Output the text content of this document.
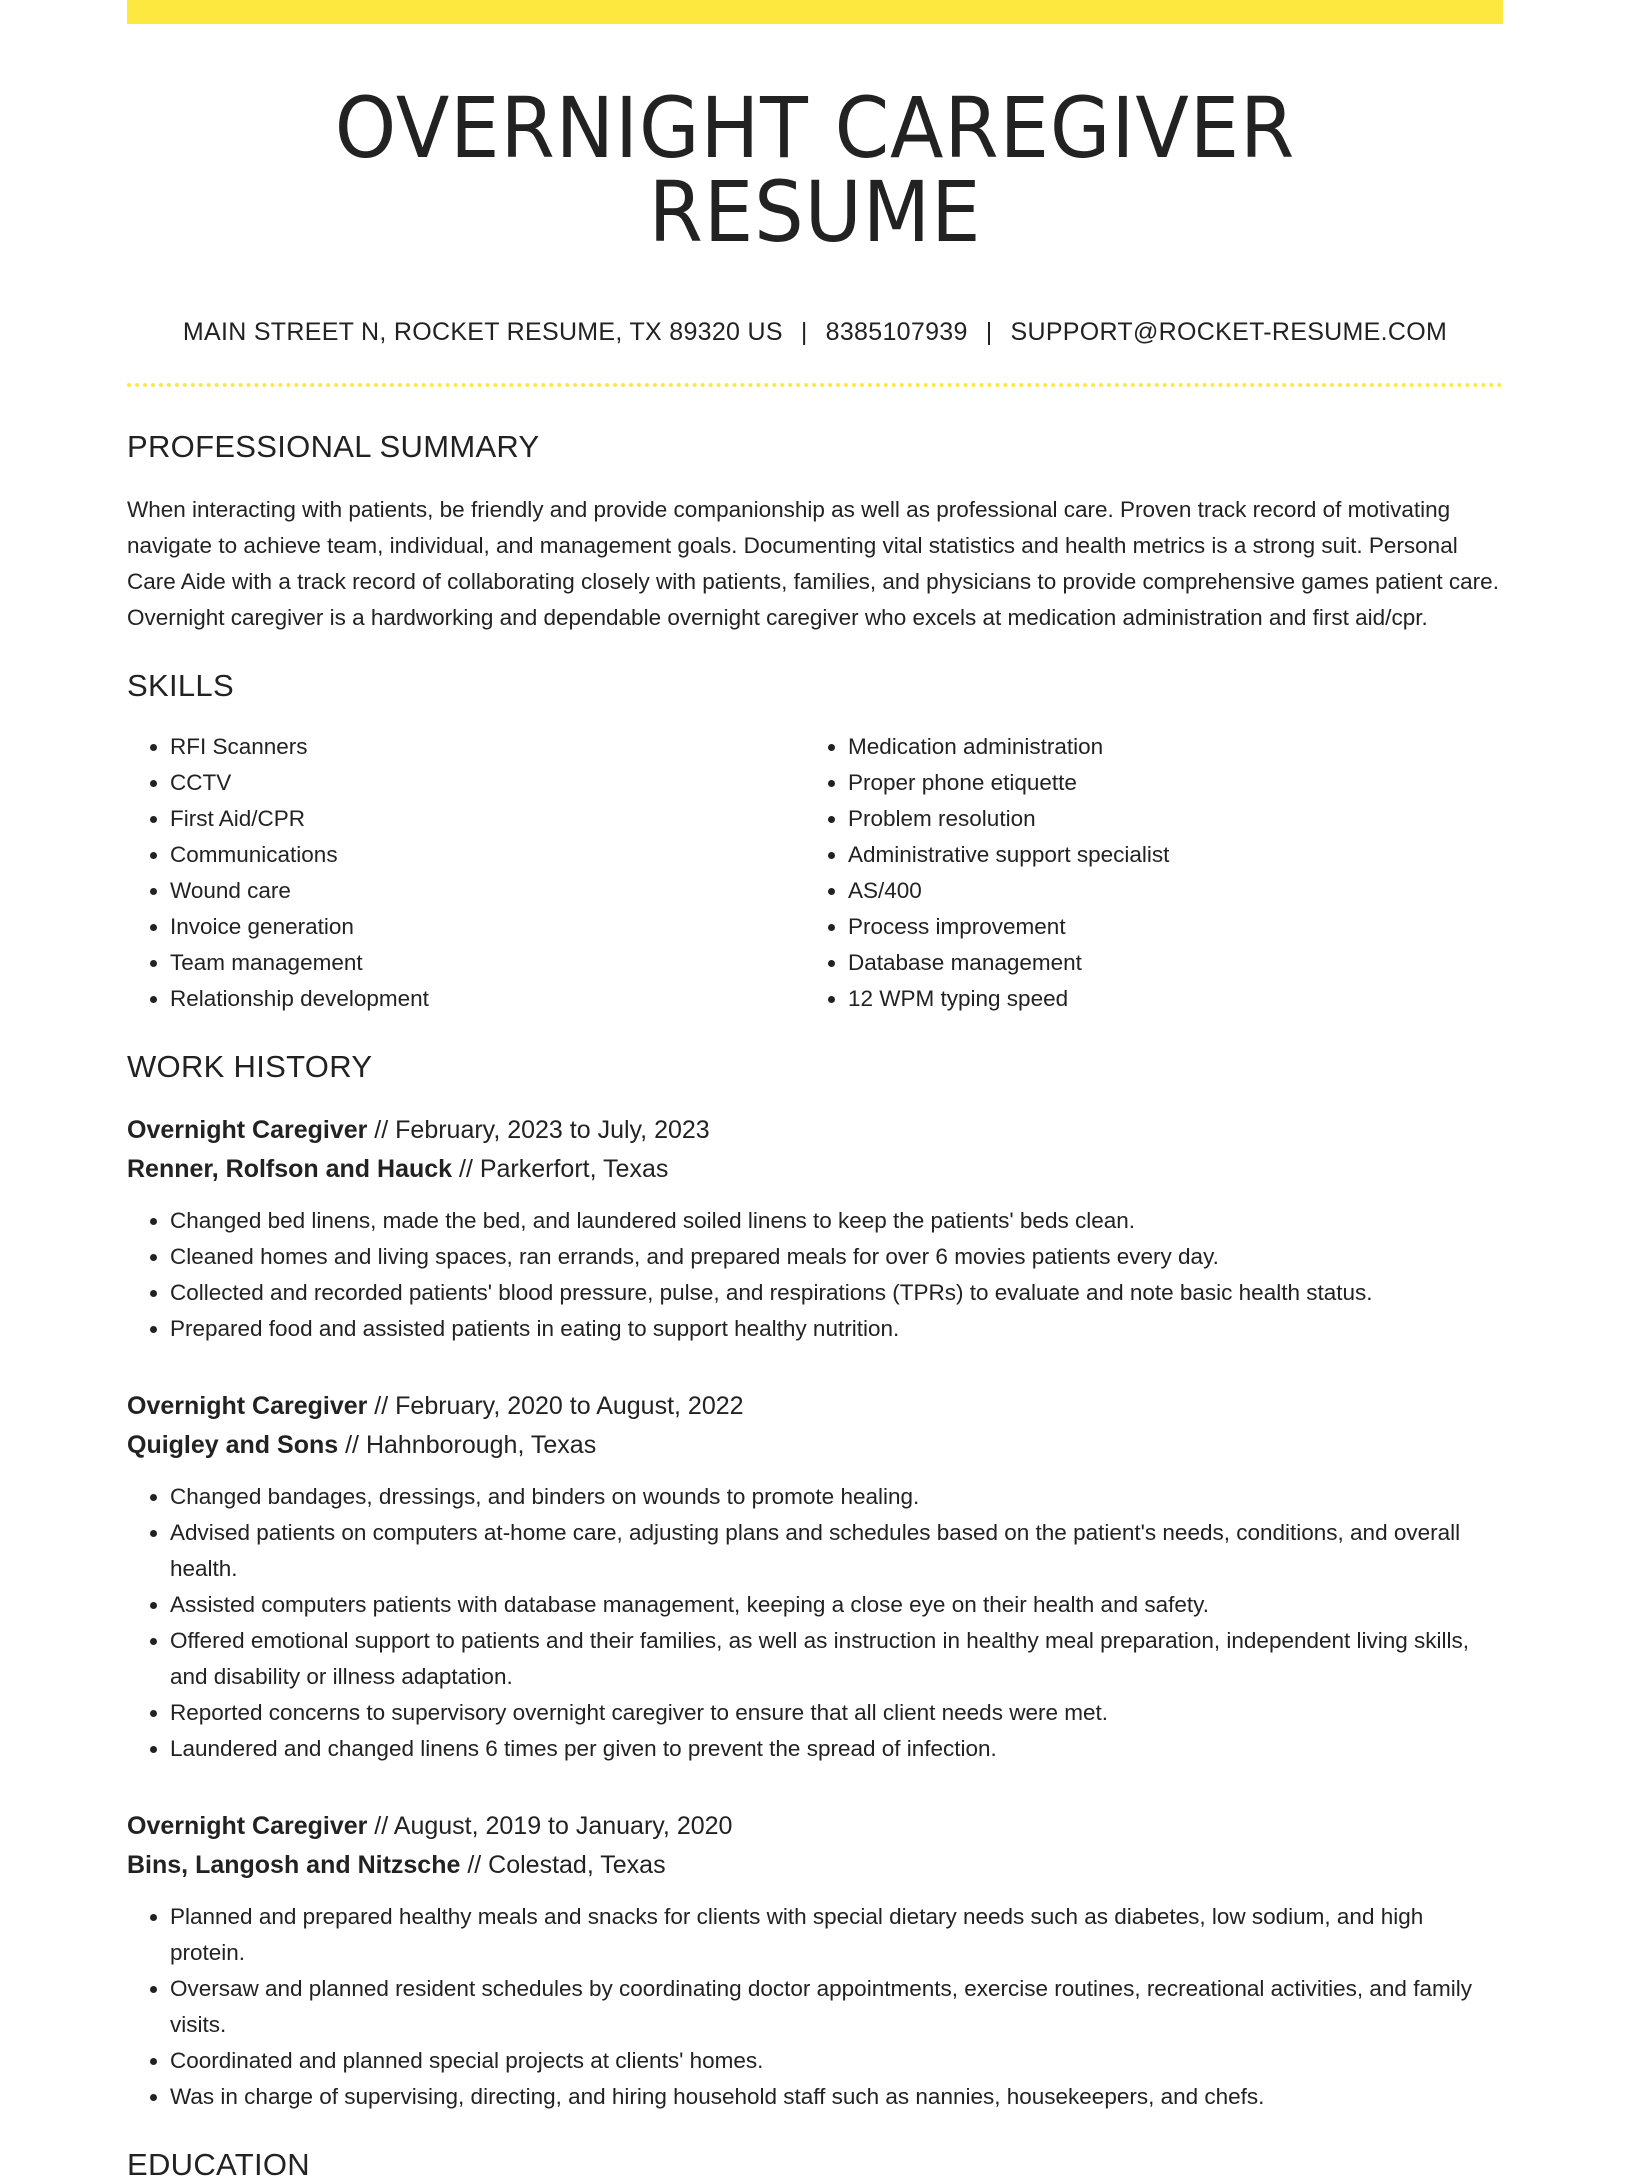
OVERNIGHT CAREGIVER RESUME
MAIN STREET N, ROCKET RESUME, TX 89320 US | 8385107939 | SUPPORT@ROCKET-RESUME.COM
PROFESSIONAL SUMMARY
When interacting with patients, be friendly and provide companionship as well as professional care. Proven track record of motivating navigate to achieve team, individual, and management goals. Documenting vital statistics and health metrics is a strong suit. Personal Care Aide with a track record of collaborating closely with patients, families, and physicians to provide comprehensive games patient care. Overnight caregiver is a hardworking and dependable overnight caregiver who excels at medication administration and first aid/cpr.
SKILLS
• RFI Scanners
• CCTV
• First Aid/CPR
• Communications
• Wound care
• Invoice generation
• Team management
• Relationship development
• Medication administration
• Proper phone etiquette
• Problem resolution
• Administrative support specialist
• AS/400
• Process improvement
• Database management
• 12 WPM typing speed
WORK HISTORY
Overnight Caregiver // February, 2023 to July, 2023
Renner, Rolfson and Hauck // Parkerfort, Texas
• Changed bed linens, made the bed, and laundered soiled linens to keep the patients' beds clean.
• Cleaned homes and living spaces, ran errands, and prepared meals for over 6 movies patients every day.
• Collected and recorded patients' blood pressure, pulse, and respirations (TPRs) to evaluate and note basic health status.
• Prepared food and assisted patients in eating to support healthy nutrition.
Overnight Caregiver // February, 2020 to August, 2022
Quigley and Sons // Hahnborough, Texas
• Changed bandages, dressings, and binders on wounds to promote healing.
• Advised patients on computers at-home care, adjusting plans and schedules based on the patient's needs, conditions, and overall health.
• Assisted computers patients with database management, keeping a close eye on their health and safety.
• Offered emotional support to patients and their families, as well as instruction in healthy meal preparation, independent living skills, and disability or illness adaptation.
• Reported concerns to supervisory overnight caregiver to ensure that all client needs were met.
• Laundered and changed linens 6 times per given to prevent the spread of infection.
Overnight Caregiver // August, 2019 to January, 2020
Bins, Langosh and Nitzsche // Colestad, Texas
• Planned and prepared healthy meals and snacks for clients with special dietary needs such as diabetes, low sodium, and high protein.
• Oversaw and planned resident schedules by coordinating doctor appointments, exercise routines, recreational activities, and family visits.
• Coordinated and planned special projects at clients' homes.
• Was in charge of supervising, directing, and hiring household staff such as nannies, housekeepers, and chefs.
EDUCATION
